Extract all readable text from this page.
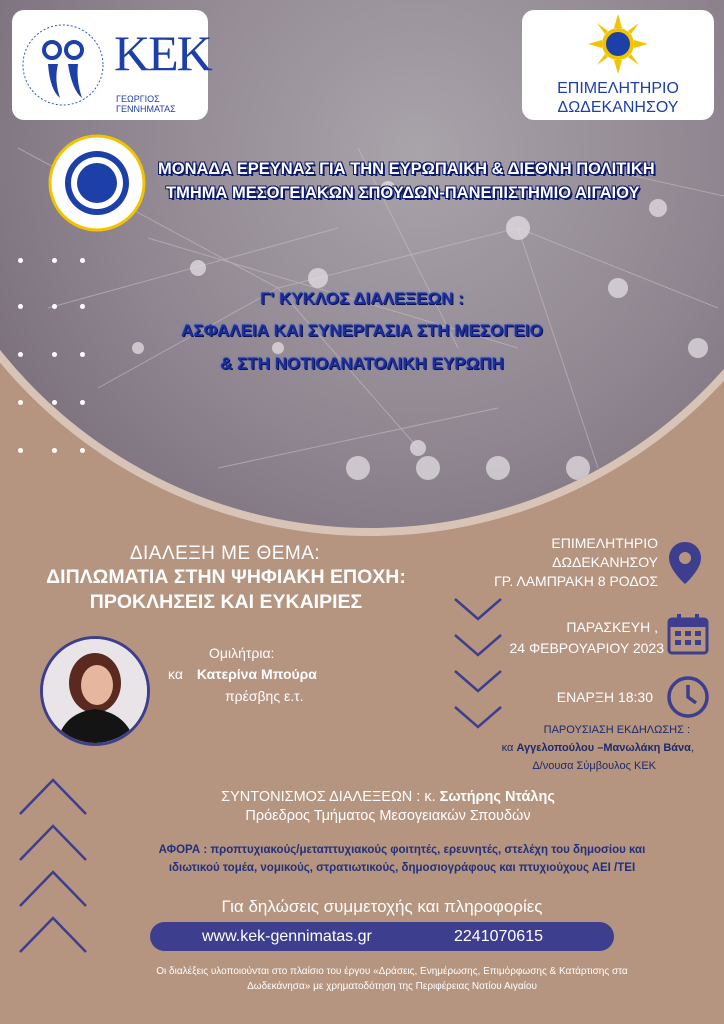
ΚΕΚ
ΓΕΩΡΓΙΟΣ ΓΕΝΝΗΜΑΤΑΣ
ΕΠΙΜΕΛΗΤΗΡΙΟ
ΔΩΔΕΚΑΝΗΣΟΥ
ΜΟΝΑΔΑ ΕΡΕΥΝΑΣ ΓΙΑ ΤΗΝ ΕΥΡΩΠΑΙΚΗ & ΔΙΕΘΝΗ ΠΟΛΙΤΙΚΗ
ΤΜΗΜΑ ΜΕΣΟΓΕΙΑΚΩΝ ΣΠΟΥΔΩΝ-ΠΑΝΕΠΙΣΤΗΜΙΟ ΑΙΓΑΙΟΥ
Γ' ΚΥΚΛΟΣ ΔΙΑΛΕΞΕΩΝ :
ΑΣΦΑΛΕΙΑ ΚΑΙ ΣΥΝΕΡΓΑΣΙΑ ΣΤΗ ΜΕΣΟΓΕΙΟ
& ΣΤΗ ΝΟΤΙΟΑΝΑΤΟΛΙΚΗ ΕΥΡΩΠΗ
ΔΙΑΛΕΞΗ ΜΕ ΘΕΜΑ:
ΔΙΠΛΩΜΑΤΙΑ ΣΤΗΝ ΨΗΦΙΑΚΗ ΕΠΟΧΗ:
ΠΡΟΚΛΗΣΕΙΣ ΚΑΙ ΕΥΚΑΙΡΙΕΣ
Ομιλήτρια:
κα Κατερίνα Μπούρα
πρέσβης ε.τ.
ΕΠΙΜΕΛΗΤΗΡΙΟ
ΔΩΔΕΚΑΝΗΣΟΥ
ΓΡ. ΛΑΜΠΡΑΚΗ 8 ΡΟΔΟΣ
ΠΑΡΑΣΚΕΥΗ ,
24 ΦΕΒΡΟΥΑΡΙΟΥ 2023
ΕΝΑΡΞΗ 18:30
ΠΑΡΟΥΣΙΑΣΗ ΕΚΔΗΛΩΣΗΣ :
κα Αγγελοπούλου –Μανωλάκη Βάνα,
Δ/νουσα Σύμβουλος ΚΕΚ
ΣΥΝΤΟΝΙΣΜΟΣ ΔΙΑΛΕΞΕΩΝ : κ. Σωτήρης Ντάλης
Πρόεδρος Τμήματος Μεσογειακών Σπουδών
ΑΦΟΡΑ : προπτυχιακούς/μεταπτυχιακούς φοιτητές, ερευνητές, στελέχη του δημοσίου και
ιδιωτικού τομέα, νομικούς, στρατιωτικούς, δημοσιογράφους και πτυχιούχους ΑΕΙ /ΤΕΙ
Για δηλώσεις συμμετοχής και πληροφορίες
www.kek-gennimatas.gr	2241070615
Οι διαλέξεις υλοποιούνται στο πλαίσιο του έργου «Δράσεις, Ενημέρωσης, Επιμόρφωσης & Κατάρτισης στα
Δωδεκάνησα» με χρηματοδότηση της Περιφέρειας Νοτίου Αιγαίου
